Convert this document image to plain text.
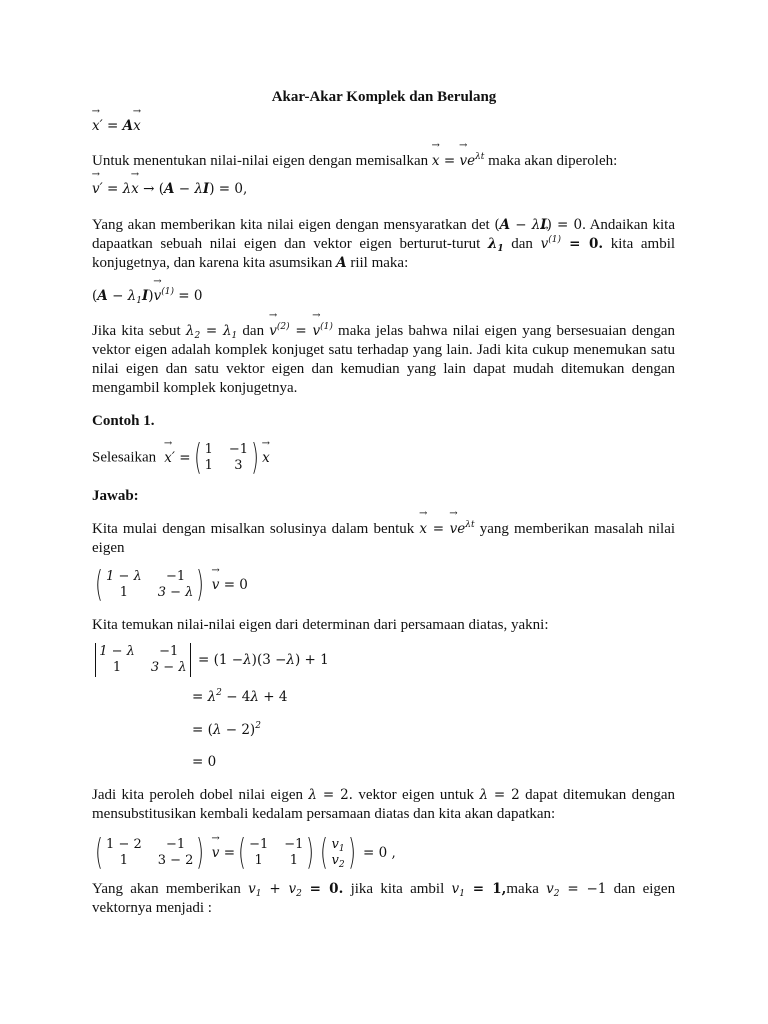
Akar-Akar Komplek dan Berulang
→ x′ = A→ x
Untuk menentukan nilai-nilai eigen dengan memisalkan → x = → $ve^{\lambda t}$ maka akan diperoleh:
→ v′ = λ→ x → (A − λI) = 0,
Yang akan memberikan kita nilai eigen dengan mensyaratkan det (A − λI) = 0. Andaikan kita dapaatkan sebuah nilai eigen dan vektor eigen berturut-turut $\lambda_1$ dan → $v^{(1)} = 0$. kita ambil konjugetnya, dan karena kita asumsikan A riil maka:
$(A - \lambda_1I)\to v^{(1)} = 0$
Jika kita sebut $\lambda_2 = \lambda_1$ dan → $v^{(2)}$ = → $v^{(1)}$ maka jelas bahwa nilai eigen yang bersesuaian dengan vektor eigen adalah komplek konjuget satu terhadap yang lain. Jadi kita cukup menemukan satu nilai eigen dan satu vektor eigen dan kemudian yang lain dapat mudah ditemukan dengan mengambil komplek konjugetnya.
Contoh 1.
Selesaikan → x ′ = ( 1 −1
1	3 ) → x
Jawab:
Kita mulai dengan misalkan solusinya dalam bentuk → x = → $ve^{\lambda t}$ yang memberikan masalah nilai eigen
( 1 − λ	−1
1	3 − λ )
→ v = 0
Kita temukan nilai-nilai eigen dari determinan dari persamaan diatas, yakni:
1 − λ	−1
1	3 − λ = (1 − λ )(3 − λ ) + 1
= $\lambda^2 - 4\lambda + 4$
= $(\lambda - 2)^2$
= 0
Jadi kita peroleh dobel nilai eigen λ = 2. vektor eigen untuk λ = 2 dapat ditemukan dengan mensubstitusikan kembali kedalam persamaan diatas dan kita akan dapatkan:
( 1 − 2	−1
1	3 − 2 )
→ v = ( −1 −1
1	1 ) ( $v_1$
$v_2$ ) = 0 ,
Yang akan memberikan $v_1 + v_2 = 0$. jika kita ambil $v_1$ = 1,maka $v_2 = -1$ dan eigen vektornya menjadi :
